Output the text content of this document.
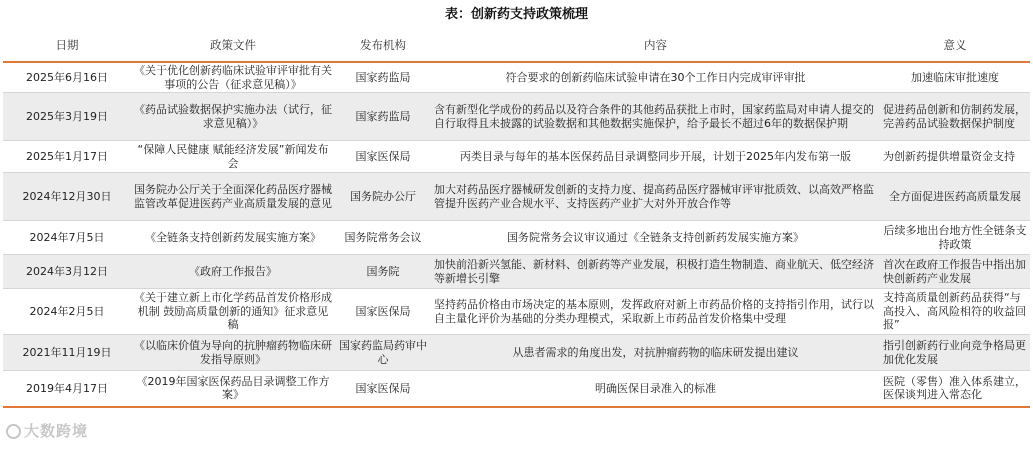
表：创新药支持政策梳理
日期	政策文件	发布机构	内容	意义
2025年6月16日	《关于优化创新药临床试验审评审批有关事项的公告（征求意见稿）》	国家药监局	符合要求的创新药临床试验申请在30个工作日内完成审评审批	加速临床审批速度
2025年3月19日	《药品试验数据保护实施办法（试行，征求意见稿）》	国家药监局	含有新型化学成份的药品以及符合条件的其他药品获批上市时，国家药监局对申请人提交的自行取得且未披露的试验数据和其他数据实施保护，给予最长不超过6年的数据保护期	促进药品创新和仿制药发展，完善药品试验数据保护制度
2025年1月17日	“保障人民健康 赋能经济发展”新闻发布会	国家医保局	丙类目录与每年的基本医保药品目录调整同步开展，计划于2025年内发布第一版	为创新药提供增量资金支持
2024年12月30日	国务院办公厅关于全面深化药品医疗器械监管改革促进医药产业高质量发展的意见	国务院办公厅	加大对药品医疗器械研发创新的支持力度、提高药品医疗器械审评审批质效、以高效严格监管提升医药产业合规水平、支持医药产业扩大对外开放合作等	全方面促进医药高质量发展
2024年7月5日	《全链条支持创新药发展实施方案》	国务院常务会议	国务院常务会议审议通过《全链条支持创新药发展实施方案》	后续多地出台地方性全链条支持政策
2024年3月12日	《政府工作报告》	国务院	加快前沿新兴氢能、新材料、创新药等产业发展，积极打造生物制造、商业航天、低空经济等新增长引擎	首次在政府工作报告中指出加快创新药产业发展
2024年2月5日	《关于建立新上市化学药品首发价格形成机制 鼓励高质量创新的通知》征求意见稿	国家医保局	坚持药品价格由市场决定的基本原则，发挥政府对新上市药品价格的支持指引作用，试行以自主量化评价为基础的分类办理模式，采取新上市药品首发价格集中受理	支持高质量创新药品获得“与高投入、高风险相符的收益回报”
2021年11月19日	《以临床价值为导向的抗肿瘤药物临床研发指导原则》	国家药监局药审中心	从患者需求的角度出发，对抗肿瘤药物的临床研发提出建议	指引创新药行业向竞争格局更加优化发展
2019年4月17日	《2019年国家医保药品目录调整工作方案》	国家医保局	明确医保目录准入的标准	医院（零售）准入体系建立，医保谈判进入常态化
大数跨境
